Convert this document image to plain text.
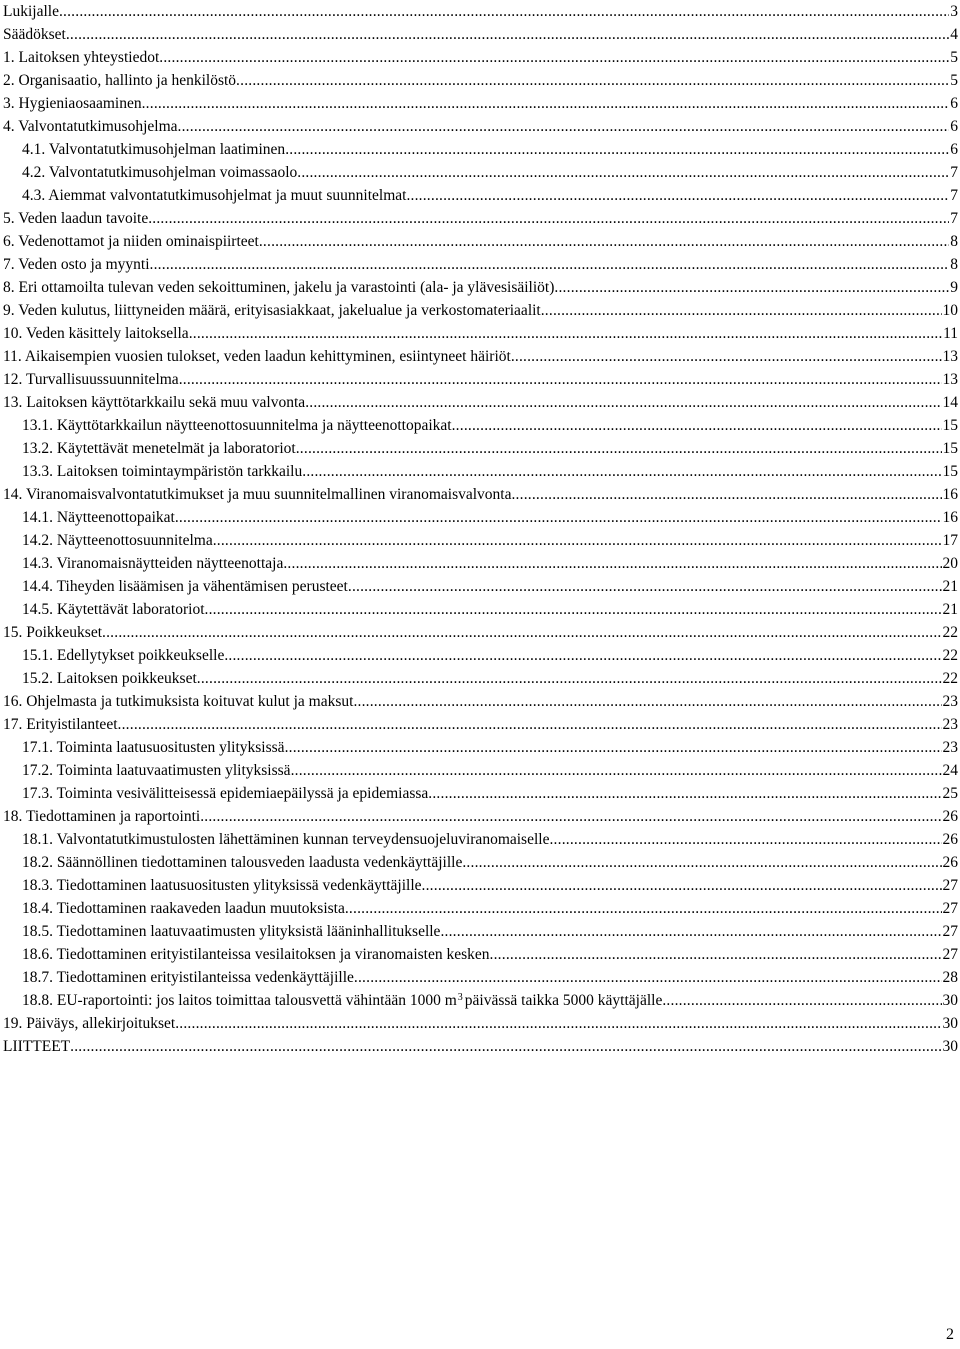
Lukijalle .....	3
Säädökset .....	4
1. Laitoksen yhteystiedot .....	5
2. Organisaatio, hallinto ja henkilöstö .....	5
3. Hygieniaosaaminen .....	6
4. Valvontatutkimusohjelma .....	6
4.1. Valvontatutkimusohjelman laatiminen .....	6
4.2. Valvontatutkimusohjelman voimassaolo .....	7
4.3. Aiemmat valvontatutkimusohjelmat ja muut suunnitelmat .....	7
5. Veden laadun tavoite .....	7
6. Vedenottamot ja niiden ominaispiirteet .....	8
7. Veden osto ja myynti .....	8
8. Eri ottamoilta tulevan veden sekoittuminen, jakelu ja varastointi (ala- ja ylävesisäiliöt) .....	9
9. Veden kulutus, liittyneiden määrä, erityisasiakkaat, jakelualue ja verkostomateriaalit .....	10
10. Veden käsittely laitoksella .....	11
11. Aikaisempien vuosien tulokset, veden laadun kehittyminen, esiintyneet häiriöt .....	13
12. Turvallisuussuunnitelma .....	13
13. Laitoksen käyttötarkkailu sekä muu valvonta .....	14
13.1. Käyttötarkkailun näytteenottosuunnitelma ja näytteenottopaikat .....	15
13.2. Käytettävät menetelmät ja laboratoriot .....	15
13.3. Laitoksen toimintaympäristön tarkkailu .....	15
14. Viranomaisvalvontatutkimukset ja muu suunnitelmallinen viranomaisvalvonta .....	16
14.1. Näytteenottopaikat .....	16
14.2. Näytteenottosuunnitelma .....	17
14.3. Viranomaisnäytteiden näytteenottaja .....	20
14.4. Tiheyden lisäämisen ja vähentämisen perusteet .....	21
14.5. Käytettävät laboratoriot .....	21
15. Poikkeukset .....	22
15.1. Edellytykset poikkeukselle .....	22
15.2. Laitoksen poikkeukset .....	22
16. Ohjelmasta ja tutkimuksista koituvat kulut ja maksut .....	23
17. Erityistilanteet .....	23
17.1. Toiminta laatusuositusten ylityksissä .....	23
17.2. Toiminta laatuvaatimusten ylityksissä .....	24
17.3. Toiminta vesivälitteisessä epidemiaepäilyssä ja epidemiassa .....	25
18. Tiedottaminen ja raportointi .....	26
18.1. Valvontatutkimustulosten lähettäminen kunnan terveydensuojeluviranomaiselle .....	26
18.2. Säännöllinen tiedottaminen talousveden laadusta vedenkäyttäjille .....	26
18.3. Tiedottaminen laatusuositusten ylityksissä vedenkäyttäjille .....	27
18.4. Tiedottaminen raakaveden laadun muutoksista .....	27
18.5. Tiedottaminen laatuvaatimusten ylityksistä lääninhallitukselle .....	27
18.6. Tiedottaminen erityistilanteissa vesilaitoksen ja viranomaisten kesken .....	27
18.7. Tiedottaminen erityistilanteissa vedenkäyttäjille .....	28
18.8. EU-raportointi: jos laitos toimittaa talousvettä vähintään 1000 $m^3$ päivässä taikka 5000 käyttäjälle .....	30
19. Päiväys, allekirjoitukset .....	30
LIITTEET .....	30
2
